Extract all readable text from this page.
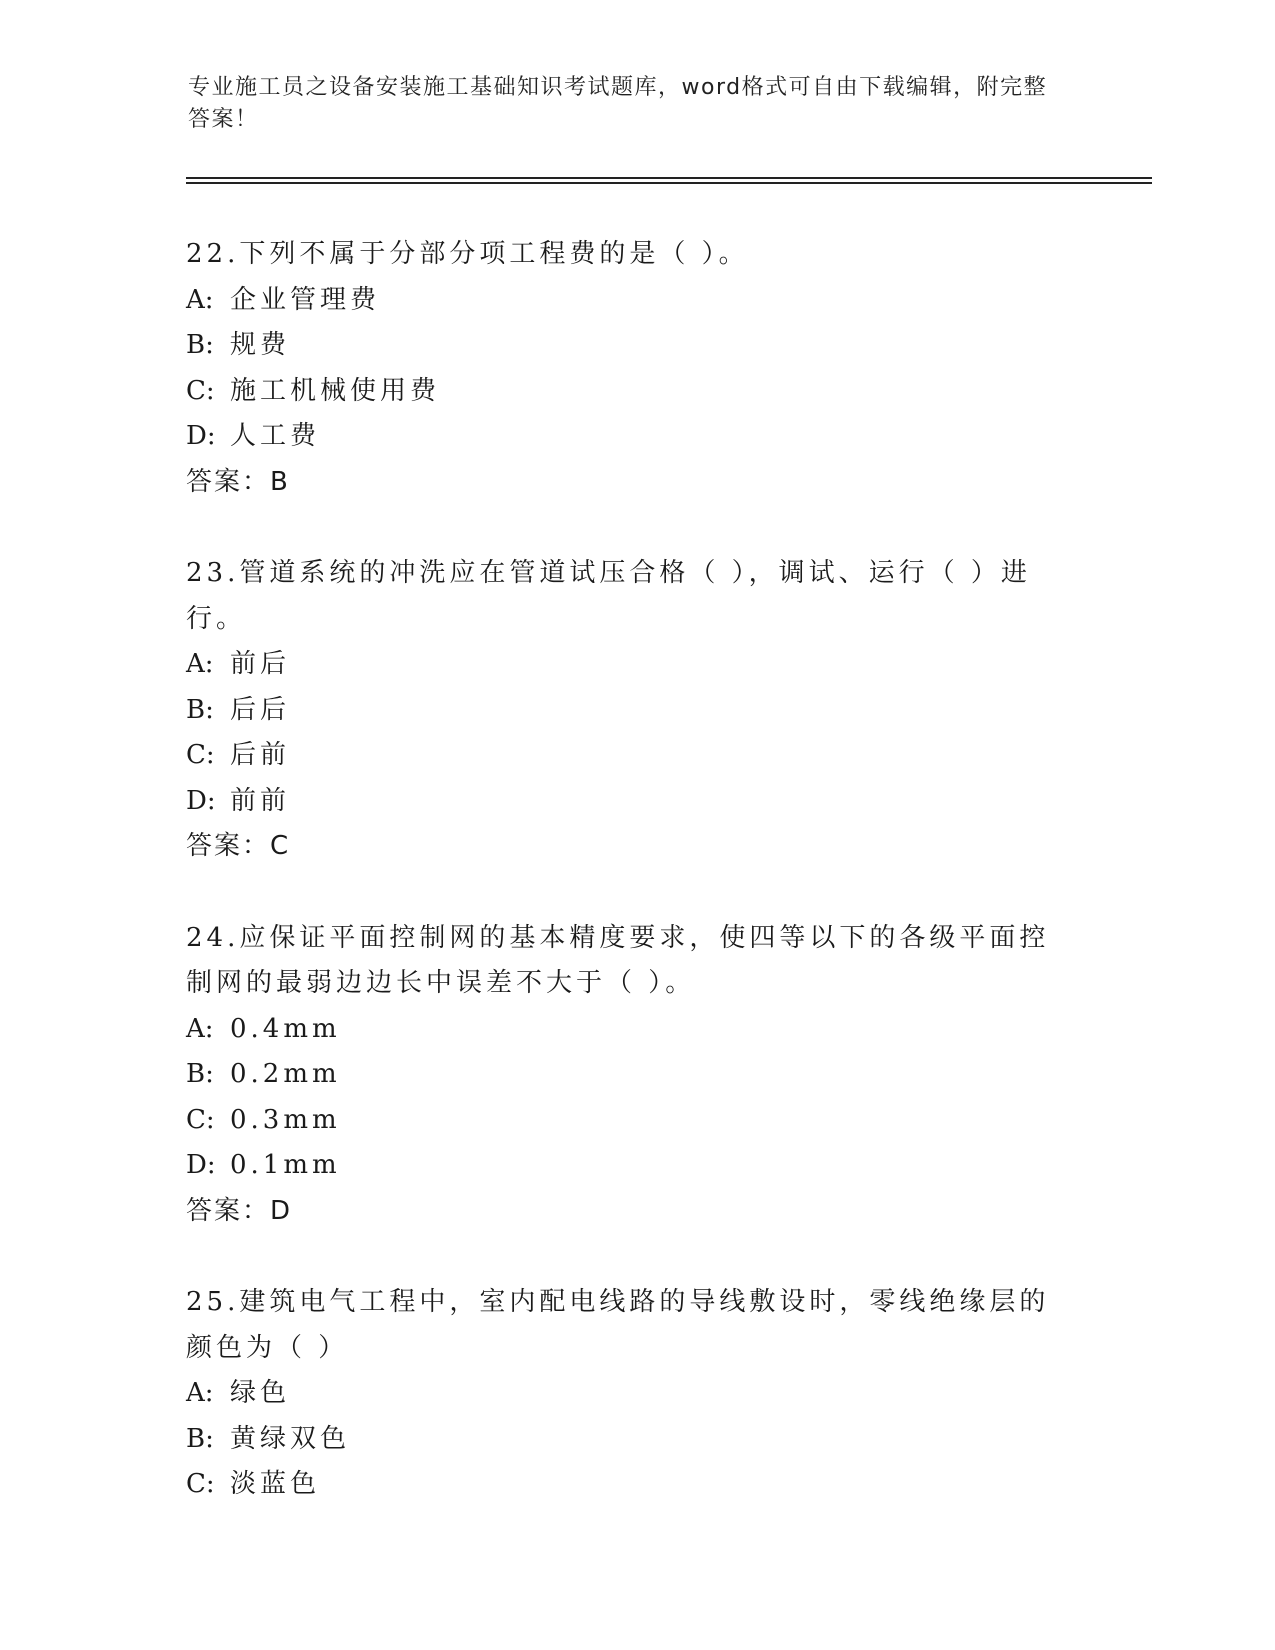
专业施工员之设备安装施工基础知识考试题库，word格式可自由下载编辑，附完整答案！
22.下列不属于分部分项工程费的是（ ）。
A: 企业管理费
B: 规费
C: 施工机械使用费
D: 人工费
答案：B
23.管道系统的冲洗应在管道试压合格（ ），调试、运行（ ）进行。
A: 前后
B: 后后
C: 后前
D: 前前
答案：C
24.应保证平面控制网的基本精度要求，使四等以下的各级平面控制网的最弱边边长中误差不大于（ ）。
A: 0.4mm
B: 0.2mm
C: 0.3mm
D: 0.1mm
答案：D
25.建筑电气工程中，室内配电线路的导线敷设时，零线绝缘层的颜色为（ ）
A: 绿色
B: 黄绿双色
C: 淡蓝色
